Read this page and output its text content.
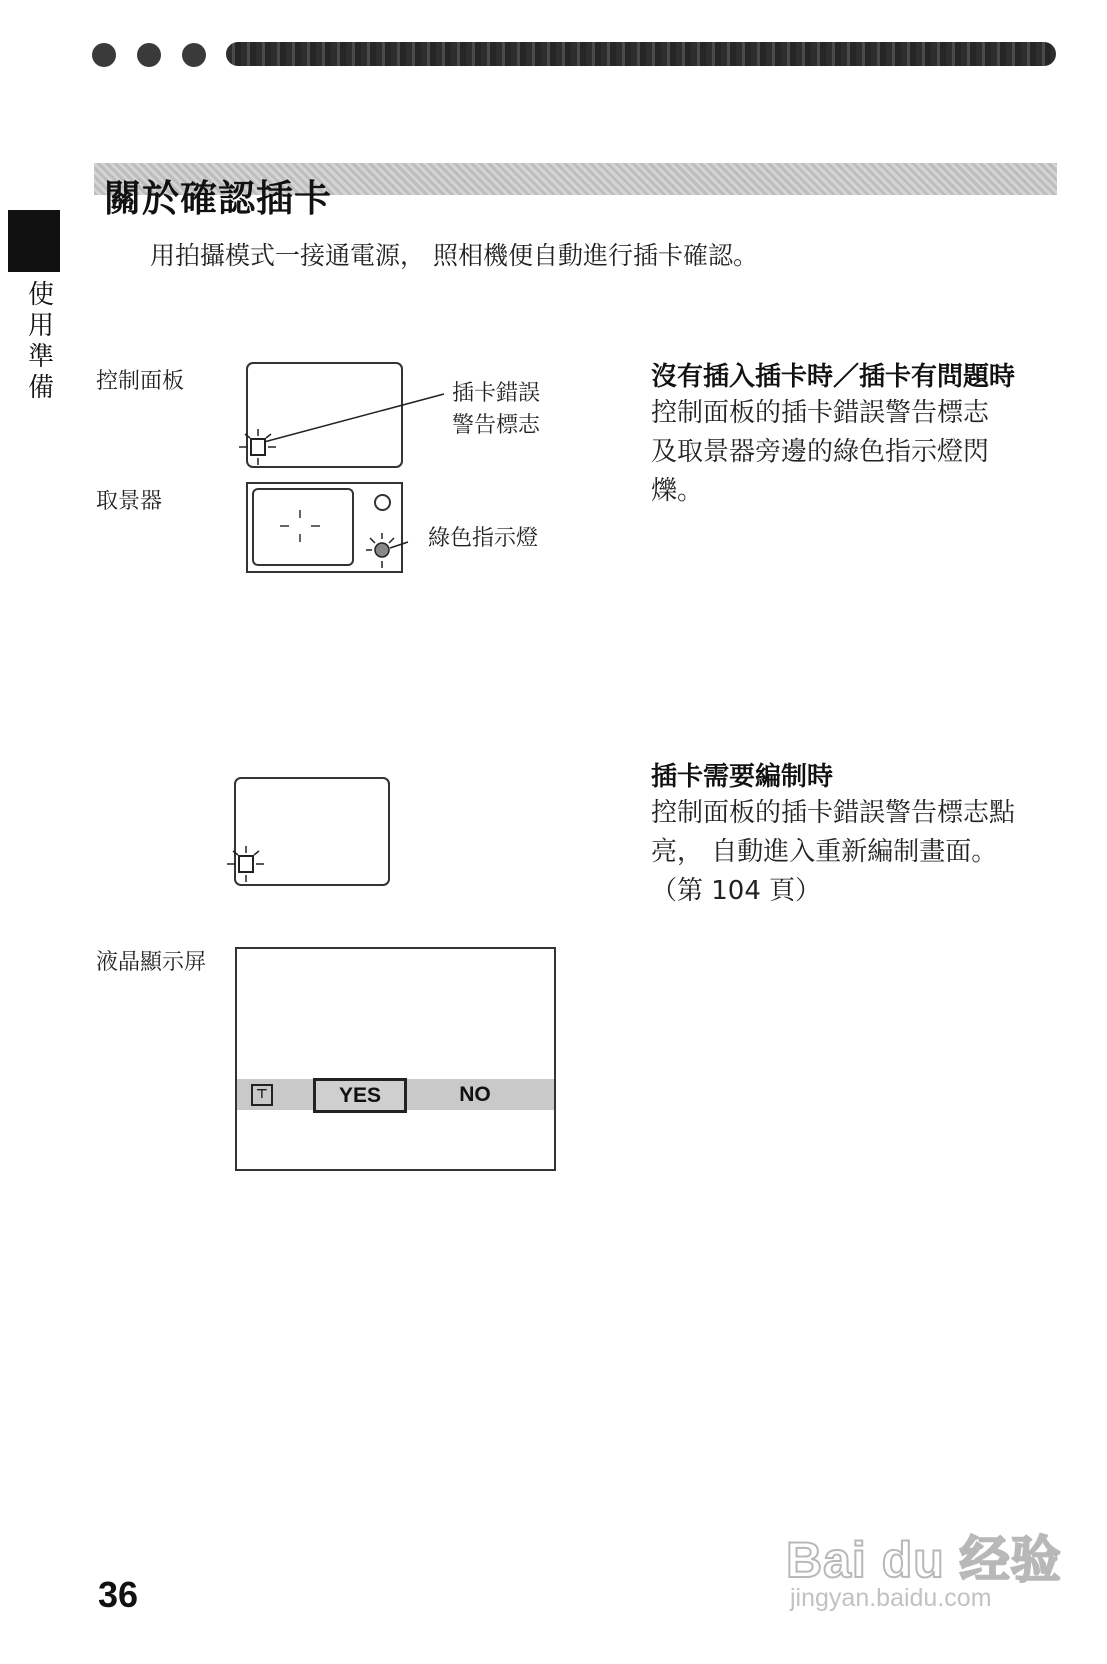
關於確認插卡
用拍攝模式一接通電源， 照相機便自動進行插卡確認。
使用準備 控制面板
取景器
插卡錯誤
警告標志
綠色指示燈
沒有插入插卡時／插卡有問題時
控制面板的插卡錯誤警告標志
及取景器旁邊的綠色指示燈閃
爍。
插卡需要編制時
控制面板的插卡錯誤警告標志點
亮， 自動進入重新編制畫面。
（第 104 頁）
液晶顯示屏
⊤	YES	NO
36
Bai du 经验
jingyan.baidu.com
